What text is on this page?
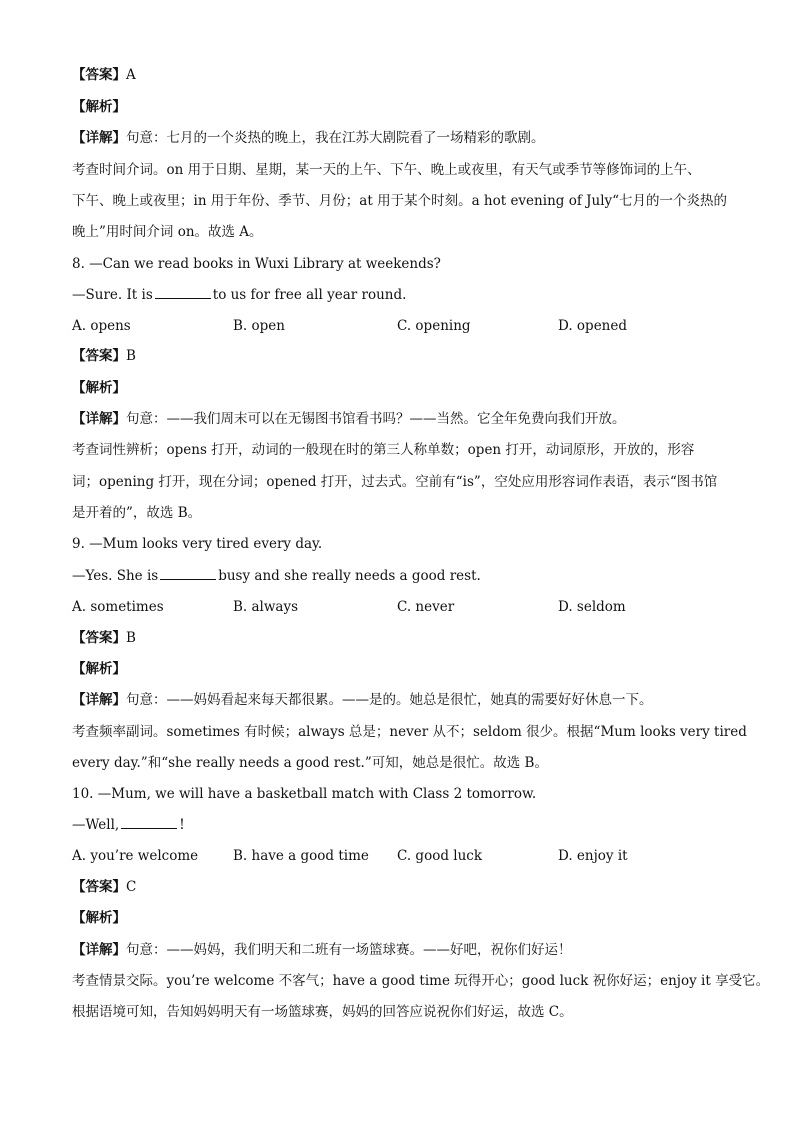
【答案】A
【解析】
【详解】句意：七月的一个炎热的晚上，我在江苏大剧院看了一场精彩的歌剧。
考查时间介词。on 用于日期、星期，某一天的上午、下午、晚上或夜里，有天气或季节等修饰词的上午、
下午、晚上或夜里；in 用于年份、季节、月份；at 用于某个时刻。a hot evening of July“七月的一个炎热的
晚上”用时间介词 on。故选 A。
8. —Can we read books in Wuxi Library at weekends?
—Sure. It is	to us for free all year round.
A. opens	B. open	C. opening	D. opened
【答案】B
【解析】
【详解】句意：——我们周末可以在无锡图书馆看书吗？——当然。它全年免费向我们开放。
考查词性辨析；opens 打开，动词的一般现在时的第三人称单数；open 打开，动词原形，开放的，形容
词；opening 打开，现在分词；opened 打开，过去式。空前有“is”，空处应用形容词作表语，表示“图书馆
是开着的”，故选 B。
9. —Mum looks very tired every day.
—Yes. She is	busy and she really needs a good rest.
A. sometimes	B. always	C. never	D. seldom
【答案】B
【解析】
【详解】句意：——妈妈看起来每天都很累。——是的。她总是很忙，她真的需要好好休息一下。
考查频率副词。sometimes 有时候；always 总是；never 从不；seldom 很少。根据“Mum looks very tired
every day.”和“she really needs a good rest.”可知，她总是很忙。故选 B。
10. —Mum, we will have a basketball match with Class 2 tomorrow.
—Well,	!
A. you’re welcome	B. have a good time C. good luck	D. enjoy it
【答案】C
【解析】
【详解】句意：——妈妈，我们明天和二班有一场篮球赛。——好吧，祝你们好运！
考查情景交际。you’re welcome 不客气；have a good time 玩得开心；good luck 祝你好运；enjoy it 享受它。
根据语境可知，告知妈妈明天有一场篮球赛，妈妈的回答应说祝你们好运，故选 C。
